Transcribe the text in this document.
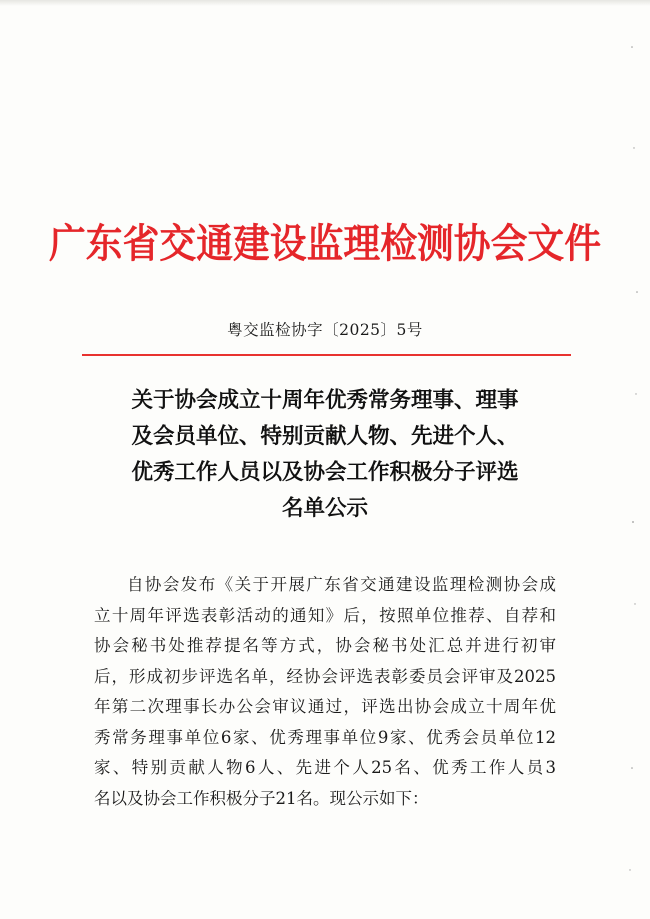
广东省交通建设监理检测协会文件
粤交监检协字〔2025〕5号
关于协会成立十周年优秀常务理事、理事
及会员单位、特别贡献人物、先进个人、
优秀工作人员以及协会工作积极分子评选
名单公示
自协会发布《关于开展广东省交通建设监理检测协会成
立十周年评选表彰活动的通知》后，按照单位推荐、自荐和
协会秘书处推荐提名等方式，协会秘书处汇总并进行初审
后，形成初步评选名单，经协会评选表彰委员会评审及2025
年第二次理事长办公会审议通过，评选出协会成立十周年优
秀常务理事单位6家、优秀理事单位9家、优秀会员单位12
家、特别贡献人物6人、先进个人25名、优秀工作人员3
名以及协会工作积极分子21名。现公示如下：
